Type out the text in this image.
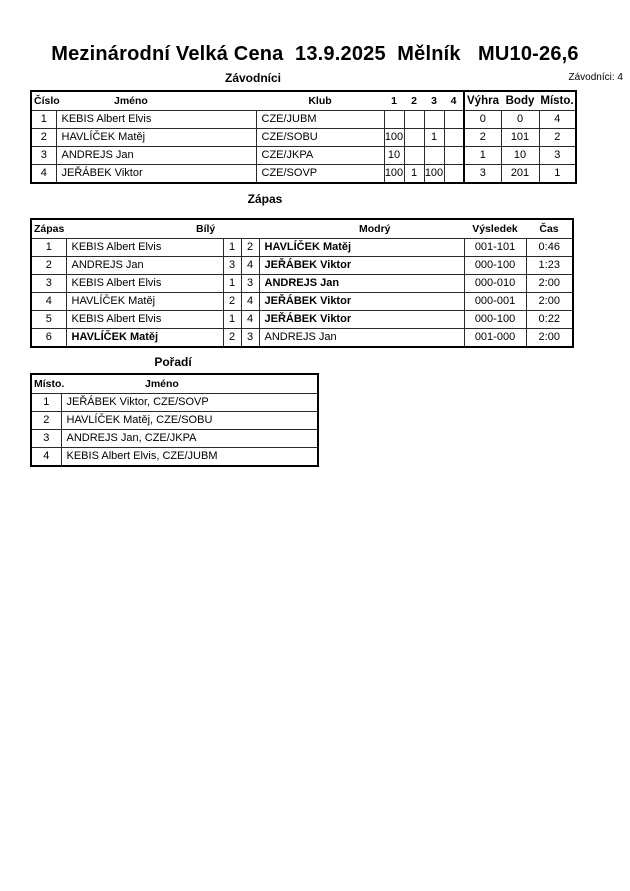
Mezinárodní Velká Cena  13.9.2025  Mělník   MU10-26,6
Závodníci	Závodníci: 4
Číslo	Jméno	Klub	1	2	3	4	Výhra	Body	Místo.
1	KEBIS Albert Elvis	CZE/JUBM					0	0	4
2	HAVLÍČEK Matěj	CZE/SOBU	100		1		2	101	2
3	ANDREJS Jan	CZE/JKPA	10				1	10	3
4	JEŘÁBEK Viktor	CZE/SOVP	100	1	100		3	201	1
Zápas
Zápas	Bílý			Modrý	Výsledek	Čas
1	KEBIS Albert Elvis	1	2	HAVLÍČEK Matěj	001-101	0:46
2	ANDREJS Jan	3	4	JEŘÁBEK Viktor	000-100	1:23
3	KEBIS Albert Elvis	1	3	ANDREJS Jan	000-010	2:00
4	HAVLÍČEK Matěj	2	4	JEŘÁBEK Viktor	000-001	2:00
5	KEBIS Albert Elvis	1	4	JEŘÁBEK Viktor	000-100	0:22
6	HAVLÍČEK Matěj	2	3	ANDREJS Jan	001-000	2:00
Pořadí
Místo.	Jméno
1	JEŘÁBEK Viktor, CZE/SOVP
2	HAVLÍČEK Matěj, CZE/SOBU
3	ANDREJS Jan, CZE/JKPA
4	KEBIS Albert Elvis, CZE/JUBM
